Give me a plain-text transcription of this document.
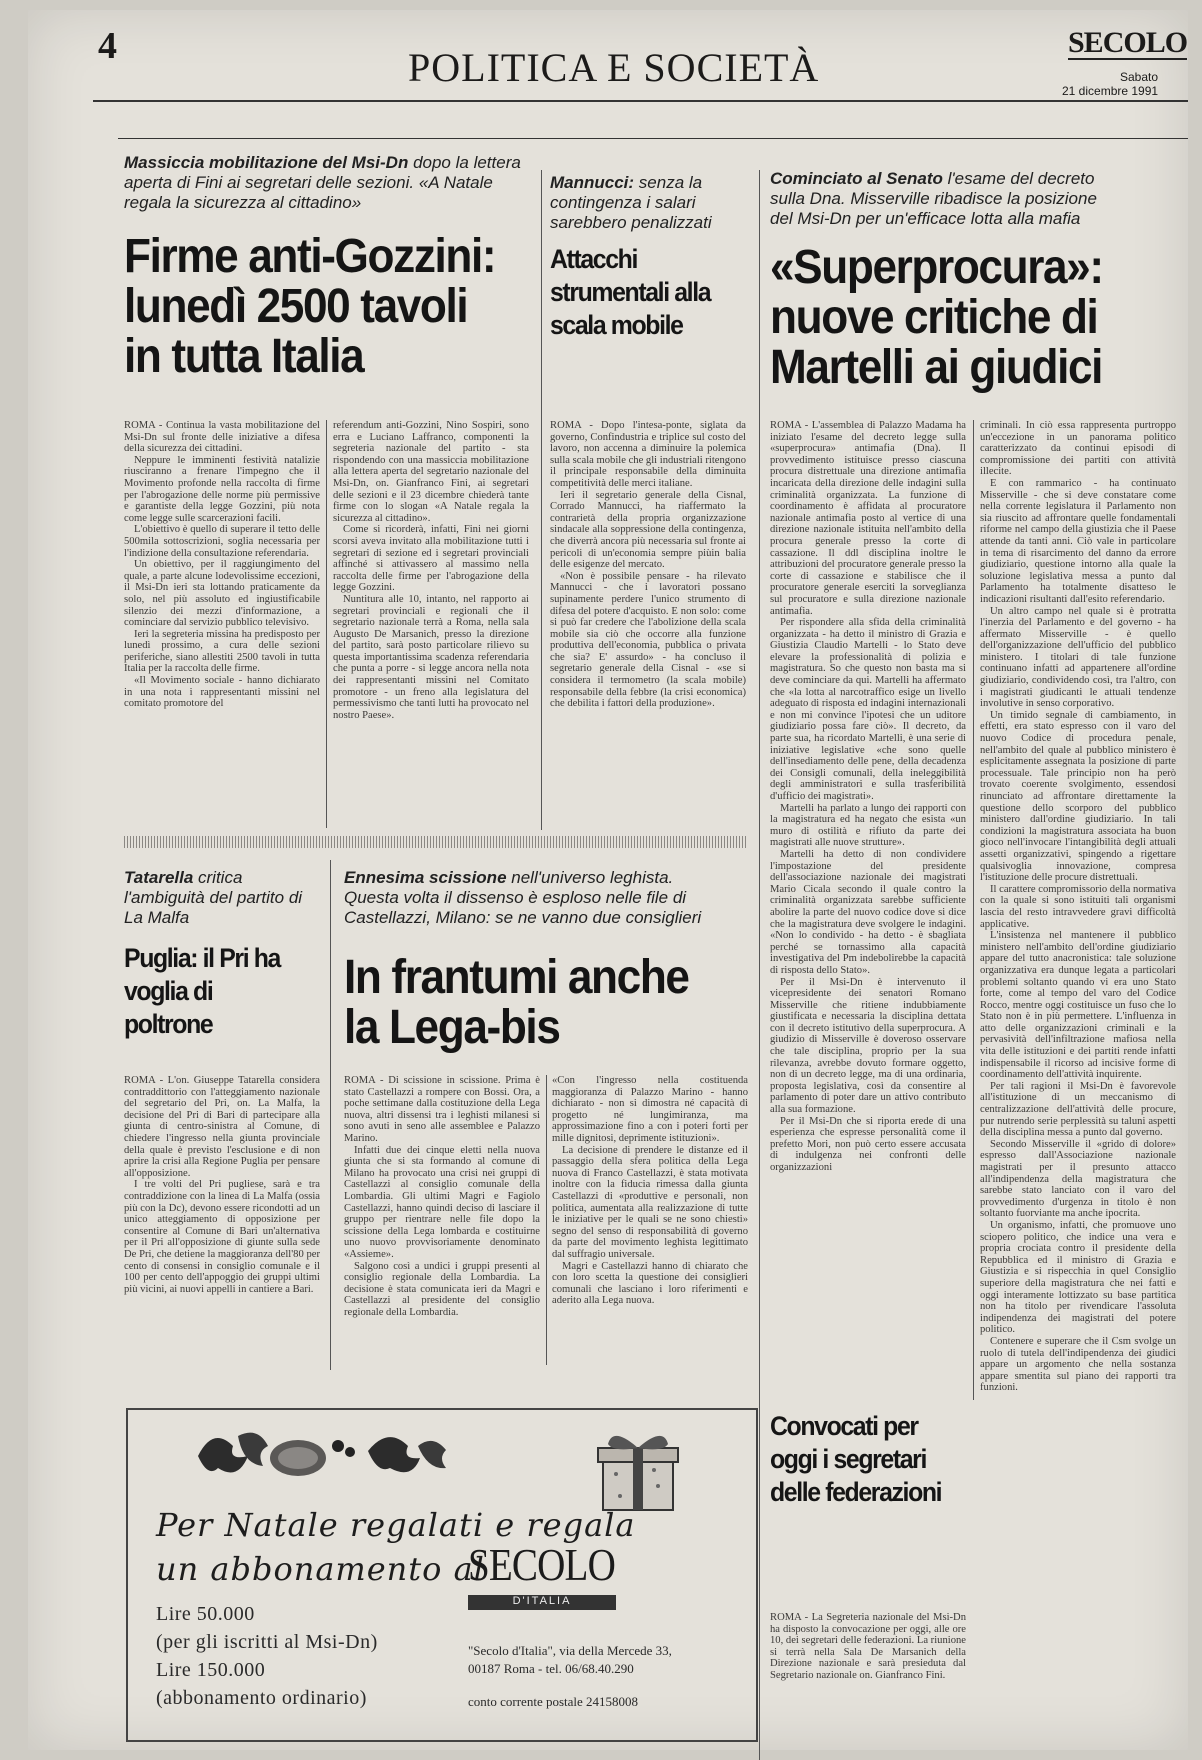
4	POLITICA E SOCIETÀ
SECOLO
Sabato
21 dicembre 1991
Massiccia mobilitazione del Msi-Dn dopo la lettera aperta di Fini ai segretari delle sezioni. «A Natale regala la sicurezza al cittadino»
Firme anti-Gozzini: lunedì 2500 tavoli in tutta Italia

ROMA - Continua la vasta mobilitazione del Msi-Dn sul fronte delle iniziative a difesa della sicurezza dei cittadini.

Neppure le imminenti festività natalizie riusciranno a frenare l'impegno che il Movimento profonde nella raccolta di firme per l'abrogazione delle norme più permissive e garantiste della legge Gozzini, più nota come legge sulle scarcerazioni facili.

L'obiettivo è quello di superare il tetto delle 500mila sottoscrizioni, soglia necessaria per l'indizione della consultazione referendaria.

Un obiettivo, per il raggiungimento del quale, a parte alcune lodevolissime eccezioni, il Msi-Dn ieri sta lottando praticamente da solo, nel più assoluto ed ingiustificabile silenzio dei mezzi d'informazione, a cominciare dal servizio pubblico televisivo.

Ieri la segreteria missina ha predisposto per lunedì prossimo, a cura delle sezioni periferiche, siano allestiti 2500 tavoli in tutta Italia per la raccolta delle firme.

«Il Movimento sociale - hanno dichiarato in una nota i rappresentanti missini nel comitato promotore del

referendum anti-Gozzini, Nino Sospiri, sono erra e Luciano Laffranco, componenti la segreteria nazionale del partito - sta rispondendo con una massiccia mobilitazione alla lettera aperta del segretario nazionale del Msi-Dn, on. Gianfranco Fini, ai segretari delle sezioni e il 23 dicembre chiederà tante firme con lo slogan «A Natale regala la sicurezza al cittadino».

Come si ricorderà, infatti, Fini nei giorni scorsi aveva invitato alla mobilitazione tutti i segretari di sezione ed i segretari provinciali affinché si attivassero al massimo nella raccolta delle firme per l'abrogazione della legge Gozzini.

Nuntitura alle 10, intanto, nel rapporto ai segretari provinciali e regionali che il segretario nazionale terrà a Roma, nella sala Augusto De Marsanich, presso la direzione del partito, sarà posto particolare rilievo su questa importantissima scadenza referendaria che punta a porre - si legge ancora nella nota dei rappresentanti missini nel Comitato promotore - un freno alla legislatura del permessivismo che tanti lutti ha provocato nel nostro Paese».

Mannucci: senza la contingenza i salari sarebbero penalizzati
Attacchi strumentali alla scala mobile

ROMA - Dopo l'intesa-ponte, siglata da governo, Confindustria e triplice sul costo del lavoro, non accenna a diminuire la polemica sulla scala mobile che gli industriali ritengono il principale responsabile della diminuita competitività delle merci italiane.

Ieri il segretario generale della Cisnal, Corrado Mannucci, ha riaffermato la contrarietà della propria organizzazione sindacale alla soppressione della contingenza, che diverrà ancora più necessaria sul fronte ai pericoli di un'economia sempre piùin balia delle esigenze del mercato.

«Non è possibile pensare - ha rilevato Mannucci - che i lavoratori possano supinamente perdere l'unico strumento di difesa del potere d'acquisto. E non solo: come si può far credere che l'abolizione della scala mobile sia ciò che occorre alla funzione produttiva dell'economia, pubblica o privata che sia? E' assurdo» - ha concluso il segretario generale della Cisnal - «se si considera il termometro (la scala mobile) responsabile della febbre (la crisi economica) che debilita i fattori della produzione».

Cominciato al Senato l'esame del decreto sulla Dna. Misserville ribadisce la posizione del Msi-Dn per un'efficace lotta alla mafia
«Superprocura»: nuove critiche di Martelli ai giudici

ROMA - L'assemblea di Palazzo Madama ha iniziato l'esame del decreto legge sulla «superprocura» antimafia (Dna). Il provvedimento istituisce presso ciascuna procura distrettuale una direzione antimafia incaricata della direzione delle indagini sulla criminalità organizzata. La funzione di coordinamento è affidata al procuratore nazionale antimafia posto al vertice di una direzione nazionale istituita nell'ambito della procura generale presso la corte di cassazione. Il ddl disciplina inoltre le attribuzioni del procuratore generale presso la corte di cassazione e stabilisce che il procuratore generale eserciti la sorveglianza sul procuratore e sulla direzione nazionale antimafia.

Per rispondere alla sfida della criminalità organizzata - ha detto il ministro di Grazia e Giustizia Claudio Martelli - lo Stato deve elevare la professionalità di polizia e magistratura. So che questo non basta ma si deve cominciare da qui. Martelli ha affermato che «la lotta al narcotraffico esige un livello adeguato di risposta ed indagini internazionali e non mi convince l'ipotesi che un uditore giudiziario possa fare ciò». Il decreto, da parte sua, ha ricordato Martelli, è una serie di iniziative legislative «che sono quelle dell'insediamento delle pene, della decadenza dei Consigli comunali, della ineleggibilità degli amministratori e sulla trasferibilità d'ufficio dei magistrati».

Martelli ha parlato a lungo dei rapporti con la magistratura ed ha negato che esista «un muro di ostilità e rifiuto da parte dei magistrati alle nuove strutture».

Martelli ha detto di non condividere l'impostazione del presidente dell'associazione nazionale dei magistrati Mario Cicala secondo il quale contro la criminalità organizzata sarebbe sufficiente abolire la parte del nuovo codice dove si dice che la magistratura deve svolgere le indagini. «Non lo condivido - ha detto - è sbagliata perché se tornassimo alla capacità investigativa del Pm indebolirebbe la capacità di risposta dello Stato».

Per il Msi-Dn è intervenuto il vicepresidente dei senatori Romano Misserville che ritiene indubbiamente giustificata e necessaria la disciplina dettata con il decreto istitutivo della superprocura. A giudizio di Misserville è doveroso osservare che tale disciplina, proprio per la sua rilevanza, avrebbe dovuto formare oggetto, non di un decreto legge, ma di una ordinaria, proposta legislativa, così da consentire al parlamento di poter dare un attivo contributo alla sua formazione.

Per il Msi-Dn che si riporta erede di una esperienza che espresse personalità come il prefetto Mori, non può certo essere accusata di indulgenza nei confronti delle organizzazioni

criminali. In ciò essa rappresenta purtroppo un'eccezione in un panorama politico caratterizzato da continui episodi di compromissione dei partiti con attività illecite.

E con rammarico - ha continuato Misserville - che si deve constatare come nella corrente legislatura il Parlamento non sia riuscito ad affrontare quelle fondamentali riforme nel campo della giustizia che il Paese attende da tanti anni. Ciò vale in particolare in tema di risarcimento del danno da errore giudiziario, questione intorno alla quale la soluzione legislativa messa a punto dal Parlamento ha totalmente disatteso le indicazioni risultanti dall'esito referendario.

Un altro campo nel quale si è protratta l'inerzia del Parlamento e del governo - ha affermato Misserville - è quello dell'organizzazione dell'ufficio del pubblico ministero. I titolari di tale funzione continuano infatti ad appartenere all'ordine giudiziario, condividendo così, tra l'altro, con i magistrati giudicanti le attuali tendenze involutive in senso corporativo.

Un timido segnale di cambiamento, in effetti, era stato espresso con il varo del nuovo Codice di procedura penale, nell'ambito del quale al pubblico ministero è esplicitamente assegnata la posizione di parte processuale. Tale principio non ha però trovato coerente svolgimento, essendosi rinunciato ad affrontare direttamente la questione dello scorporo del pubblico ministero dall'ordine giudiziario. In tali condizioni la magistratura associata ha buon gioco nell'invocare l'intangibilità degli attuali assetti organizzativi, spingendo a rigettare qualsivoglia innovazione, compresa l'istituzione delle procure distrettuali.

Il carattere compromissorio della normativa con la quale si sono istituiti tali organismi lascia del resto intravvedere gravi difficoltà applicative.

L'insistenza nel mantenere il pubblico ministero nell'ambito dell'ordine giudiziario appare del tutto anacronistica: tale soluzione organizzativa era dunque legata a particolari problemi soltanto quando vi era uno Stato forte, come al tempo del varo del Codice Rocco, mentre oggi costituisce un fuso che lo Stato non è in più permettere. L'influenza in atto delle organizzazioni criminali e la pervasività dell'infiltrazione mafiosa nella vita delle istituzioni e dei partiti rende infatti indispensabile il ricorso ad incisive forme di coordinamento dell'attività inquirente.

Per tali ragioni il Msi-Dn è favorevole all'istituzione di un meccanismo di centralizzazione dell'attività delle procure, pur nutrendo serie perplessità su taluni aspetti della disciplina messa a punto dal governo.

Secondo Misserville il «grido di dolore» espresso dall'Associazione nazionale magistrati per il presunto attacco all'indipendenza della magistratura che sarebbe stato lanciato con il varo del provvedimento d'urgenza in titolo è non soltanto fuorviante ma anche ipocrita.

Un organismo, infatti, che promuove uno sciopero politico, che indice una vera e propria crociata contro il presidente della Repubblica ed il ministro di Grazia e Giustizia e si rispecchia in quel Consiglio superiore della magistratura che nei fatti e oggi interamente lottizzato su base partitica non ha titolo per rivendicare l'assoluta indipendenza dei magistrati del potere politico.

Contenere e superare che il Csm svolge un ruolo di tutela dell'indipendenza dei giudici appare un argomento che nella sostanza appare smentita sul piano dei rapporti tra funzioni.

Tatarella critica l'ambiguità del partito di La Malfa
Puglia: il Pri ha voglia di poltrone

ROMA - L'on. Giuseppe Tatarella considera contraddittorio con l'atteggiamento nazionale del segretario del Pri, on. La Malfa, la decisione del Pri di Bari di partecipare alla giunta di centro-sinistra al Comune, di chiedere l'ingresso nella giunta provinciale della quale è previsto l'esclusione e di non aprire la crisi alla Regione Puglia per pensare all'opposizione.

I tre volti del Pri pugliese, sarà e tra contraddizione con la linea di La Malfa (ossia più con la Dc), devono essere ricondotti ad un unico atteggiamento di opposizione per consentire al Comune di Bari un'alternativa per il Pri all'opposizione di giunte sulla sede De Pri, che detiene la maggioranza dell'80 per cento di consensi in consiglio comunale e il 100 per cento dell'appoggio dei gruppi ultimi più vicini, ai nuovi appelli in cantiere a Bari.

Ennesima scissione nell'universo leghista. Questa volta il dissenso è esploso nelle file di Castellazzi, Milano: se ne vanno due consiglieri
In frantumi anche la Lega-bis

ROMA - Di scissione in scissione. Prima è stato Castellazzi a rompere con Bossi. Ora, a poche settimane dalla costituzione della Lega nuova, altri dissensi tra i leghisti milanesi si sono avuti in seno alle assemblee e Palazzo Marino.

Infatti due dei cinque eletti nella nuova giunta che si sta formando al comune di Milano ha provocato una crisi nei gruppi di Castellazzi al consiglio comunale della Lombardia. Gli ultimi Magri e Fagiolo Castellazzi, hanno quindi deciso di lasciare il gruppo per rientrare nelle file dopo la scissione della Lega lombarda e costituirne uno nuovo provvisoriamente denominato «Assieme».

Salgono così a undici i gruppi presenti al consiglio regionale della Lombardia. La decisione è stata comunicata ieri da Magri e Castellazzi al presidente del consiglio regionale della Lombardia.

«Con l'ingresso nella costituenda maggioranza di Palazzo Marino - hanno dichiarato - non si dimostra né capacità di progetto né lungimiranza, ma approssimazione fino a con i poteri forti per mille dignitosi, deprimente istituzioni».

La decisione di prendere le distanze ed il passaggio della sfera politica della Lega nuova di Franco Castellazzi, è stata motivata inoltre con la fiducia rimessa dalla giunta Castellazzi di «produttive e personali, non politica, aumentata alla realizzazione di tutte le iniziative per le quali se ne sono chiesti» segno del senso di responsabilità di governo da parte del movimento leghista legittimato dal suffragio universale.

Magri e Castellazzi hanno di chiarato che con loro scetta la questione dei consiglieri comunali che lasciano i loro riferimenti e aderito alla Lega nuova.

Per Natale regalati e regala
un abbonamento al
SECOLO
D'ITALIA
Lire 50.000
(per gli iscritti al Msi-Dn)
Lire 150.000
(abbonamento ordinario)
"Secolo d'Italia", via della Mercede 33,
00187 Roma - tel. 06/68.40.290
conto corrente postale 24158008
Convocati per oggi i segretari delle federazioni

ROMA - La Segreteria nazionale del Msi-Dn ha disposto la convocazione per oggi, alle ore 10, dei segretari delle federazioni. La riunione si terrà nella Sala De Marsanich della Direzione nazionale e sarà presieduta dal Segretario nazionale on. Gianfranco Fini.
